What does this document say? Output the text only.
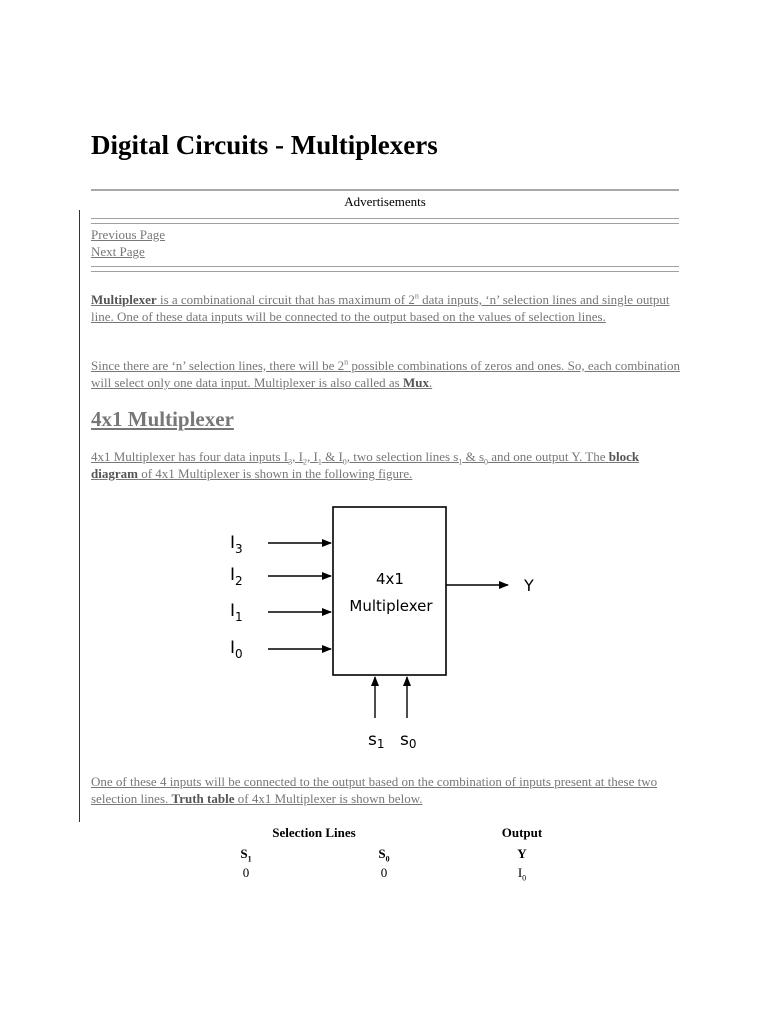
Digital Circuits - Multiplexers
Advertisements
Previous Page
Next Page

Multiplexer is a combinational circuit that has maximum of 2$^n$ data inputs, ‘n’ selection lines and single output line. One of these data inputs will be connected to the output based on the values of selection lines.

Since there are ‘n’ selection lines, there will be 2$^n$ possible combinations of zeros and ones. So, each combination will select only one data input. Multiplexer is also called as Mux.

4x1 Multiplexer

4x1 Multiplexer has four data inputs $I_3$, $I_2$, $I_1$ & $I_0$, two selection lines $s_1$ & $s_0$ and one output Y. The block diagram of 4x1 Multiplexer is shown in the following figure.

4x1
Multiplexer
$I_3$
$I_2$
$I_1$
$I_0$
Y
s1 s0

One of these 4 inputs will be connected to the output based on the combination of inputs present at these two selection lines. Truth table of 4x1 Multiplexer is shown below.

Selection Lines	Output
$S_1$	$S_0$	Y
0	0	$I_0$
